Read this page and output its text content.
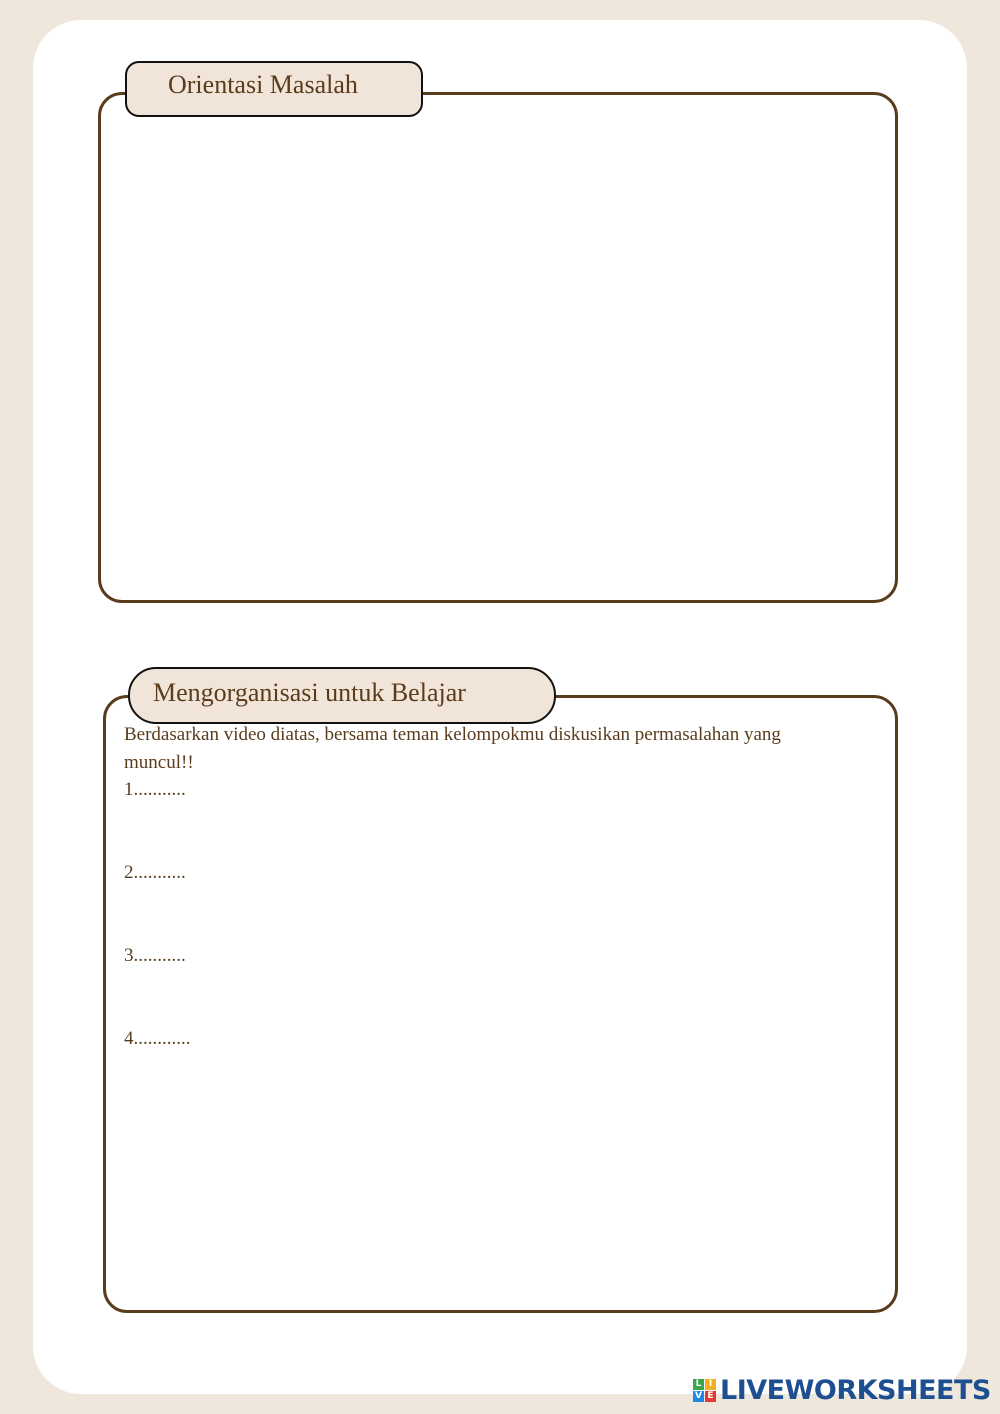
Orientasi Masalah
Mengorganisasi untuk Belajar
Berdasarkan video diatas, bersama teman kelompokmu diskusikan permasalahan yang muncul!!
1...........
2...........
3...........
4............
L I
V E LIVEWORKSHEETS
